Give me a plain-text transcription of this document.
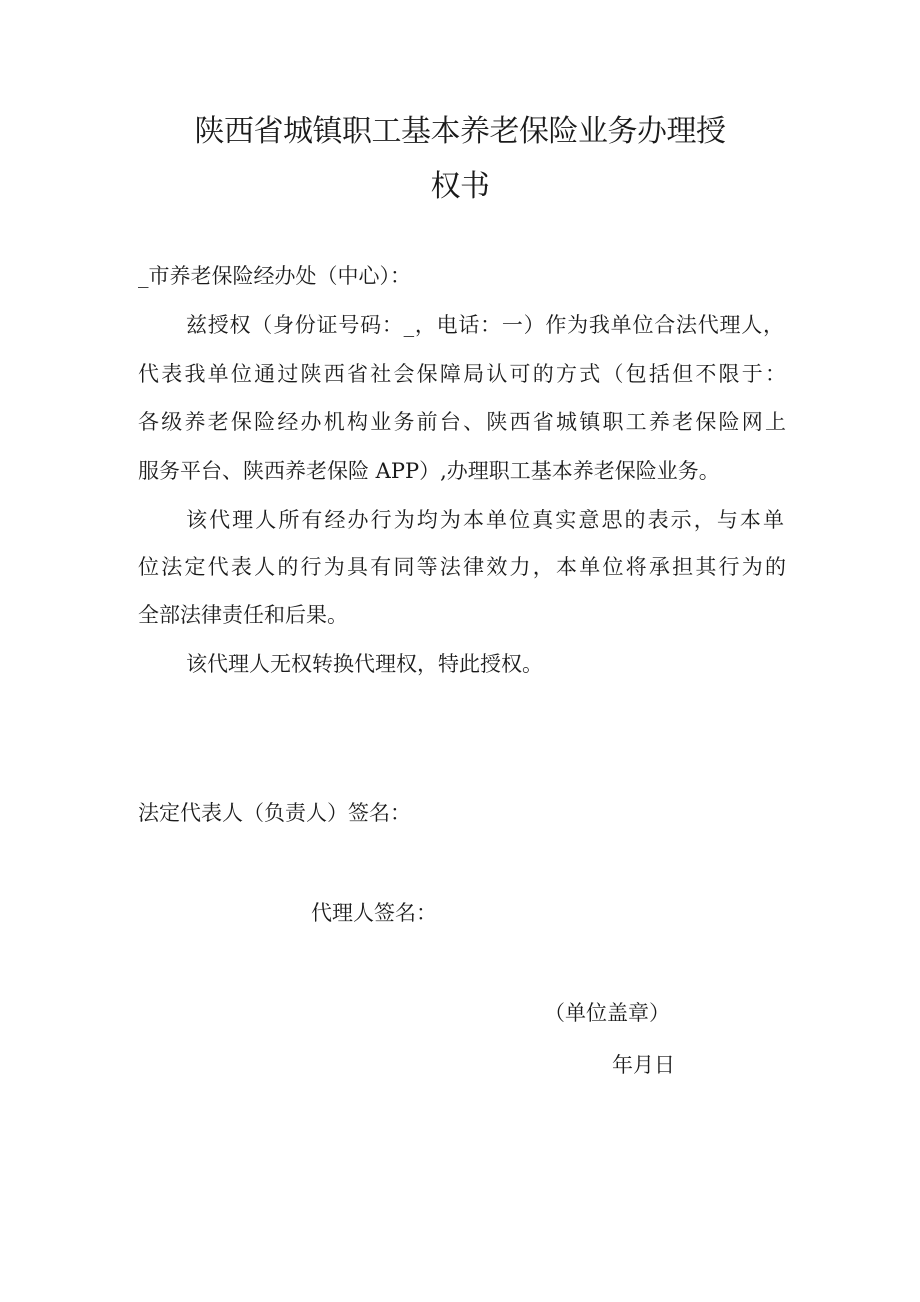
陕西省城镇职工基本养老保险业务办理授
权书
_市养老保险经办处（中心）：
兹授权（身份证号码：_，电话：一）作为我单位合法代理人，
代表我单位通过陕西省社会保障局认可的方式（包括但不限于：
各级养老保险经办机构业务前台、陕西省城镇职工养老保险网上
服务平台、陕西养老保险 APP）,办理职工基本养老保险业务。
该代理人所有经办行为均为本单位真实意思的表示，与本单
位法定代表人的行为具有同等法律效力，本单位将承担其行为的
全部法律责任和后果。
该代理人无权转换代理权，特此授权。
法定代表人（负责人）签名：
代理人签名：
（单位盖章）
年月日
